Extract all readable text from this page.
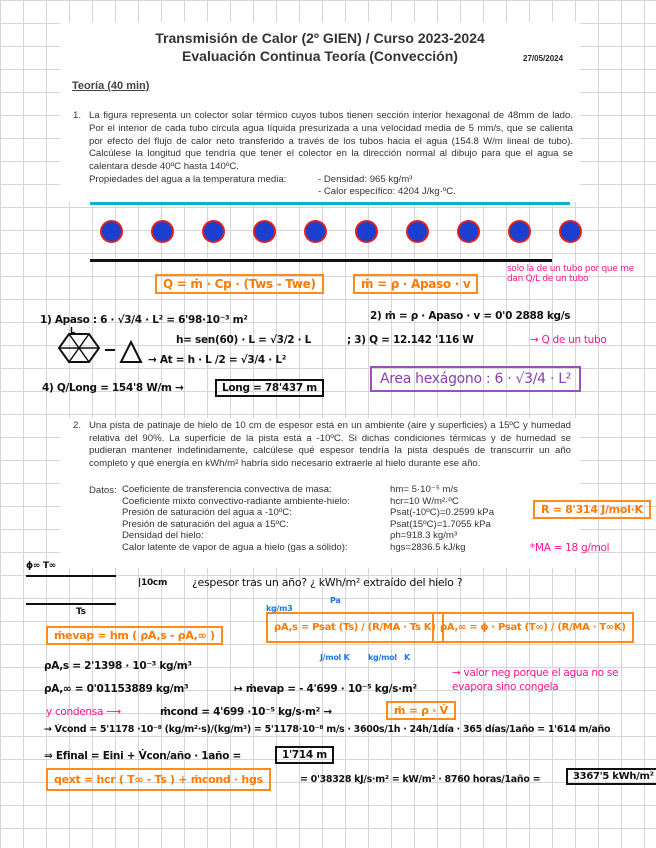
Transmisión de Calor (2º GIEN) / Curso 2023-2024
Evaluación Continua Teoría (Convección)	27/05/2024
Teoría (40 min)
1. La figura representa un colector solar térmico cuyos tubos tienen sección interior hexagonal de 48mm de lado. Por el interior de cada tubo circula agua líquida presurizada a una velocidad media de 5 mm/s, que se calienta por efecto del flujo de calor neto transferido a través de los tubos hacia el agua (154.8 W/m lineal de tubo). Calcúlese la longitud que tendría que tener el colector en la dirección normal al dibujo para que el agua se calentara desde 40ºC hasta 140ºC.
Propiedades del agua a la temperatura media:	- Densidad: 965 kg/m³
- Calor específico: 4204 J/kg·ºC.
Q = ṁ · Cp · (Tws - Twe)	ṁ = ρ · Apaso · v
solo la de un tubo por que me dan Q/L de un tubo
1) Apaso : 6 · √3/4 · L² = 6'98·10⁻³ m²	2) ṁ = ρ · Apaso · v = 0'0 2888 kg/s
L
h= sen(60) · L = √3/2 · L	; 3) Q = 12.142 '116 W	→ Q de un tubo
→ At = h · L /2 = √3/4 · L²
4) Q/Long = 154'8 W/m →	Long = 78'437 m
Area hexágono : 6 · √3/4 · L²
2. Una pista de patinaje de hielo de 10 cm de espesor está en un ambiente (aire y superficies) a 15ºC y humedad relativa del 90%. La superficie de la pista está a -10ºC. Si dichas condiciones térmicas y de humedad se pudieran mantener indefinidamente, calcúlese qué espesor tendría la pista después de transcurrir un año completo y qué energía en kWh/m² habría sido necesario extraerle al hielo durante ese año.
Datos: Coeficiente de transferencia convectiva de masa:	hm= 5·10⁻⁵ m/s
Coeficiente mixto convectivo-radiante ambiente-hielo:	hcr=10 W/m²·ºC
Presión de saturación del agua a -10ºC:	Psat(-10ºC)=0.2599 kPa
Presión de saturación del agua a 15ºC:	Psat(15ºC)=1.7055 kPa
Densidad del hielo:	ρh=918.3 kg/m³
Calor latente de vapor de agua a hielo (gas a sólido):	hgs=2836.5 kJ/kg
R = 8'314 J/mol·K
*MA = 18 g/mol
ϕ∞ T∞
Ts
|10cm ¿espesor tras un año? ¿ kWh/m² extraído del hielo ?
ṁevap = hm ( ρA,s - ρA,∞ )
ρA,s = Psat (Ts) / (R/MA · Ts K) ρA,∞ = ϕ · Psat (T∞) / (R/MA · T∞K)
Pa
kg/m3
J/mol K kg/mol K
ρA,s = 2'1398 · 10⁻³ kg/m³
ρA,∞ = 0'01153889 kg/m³	↦ ṁevap = - 4'699 · 10⁻⁵ kg/s·m²
→ valor neg porque el agua no se evapora sino congela
y condensa ⟶	ṁcond = 4'699 ·10⁻⁵ kg/s·m² →	ṁ = ρ · V̇
→ V̇cond = 5'1178 ·10⁻⁸ (kg/m²·s)/(kg/m³) = 5'1178·10⁻⁸ m/s · 3600s/1h · 24h/1día · 365 días/1año = 1'614 m/año
⇒ Efinal = Eini + V̇con/año · 1año =	1'714 m
qext = hcr ( T∞ - Ts ) + ṁcond · hgs	= 0'38328 kJ/s·m² = kW/m² · 8760 horas/1año =	3367'5 kWh/m²
